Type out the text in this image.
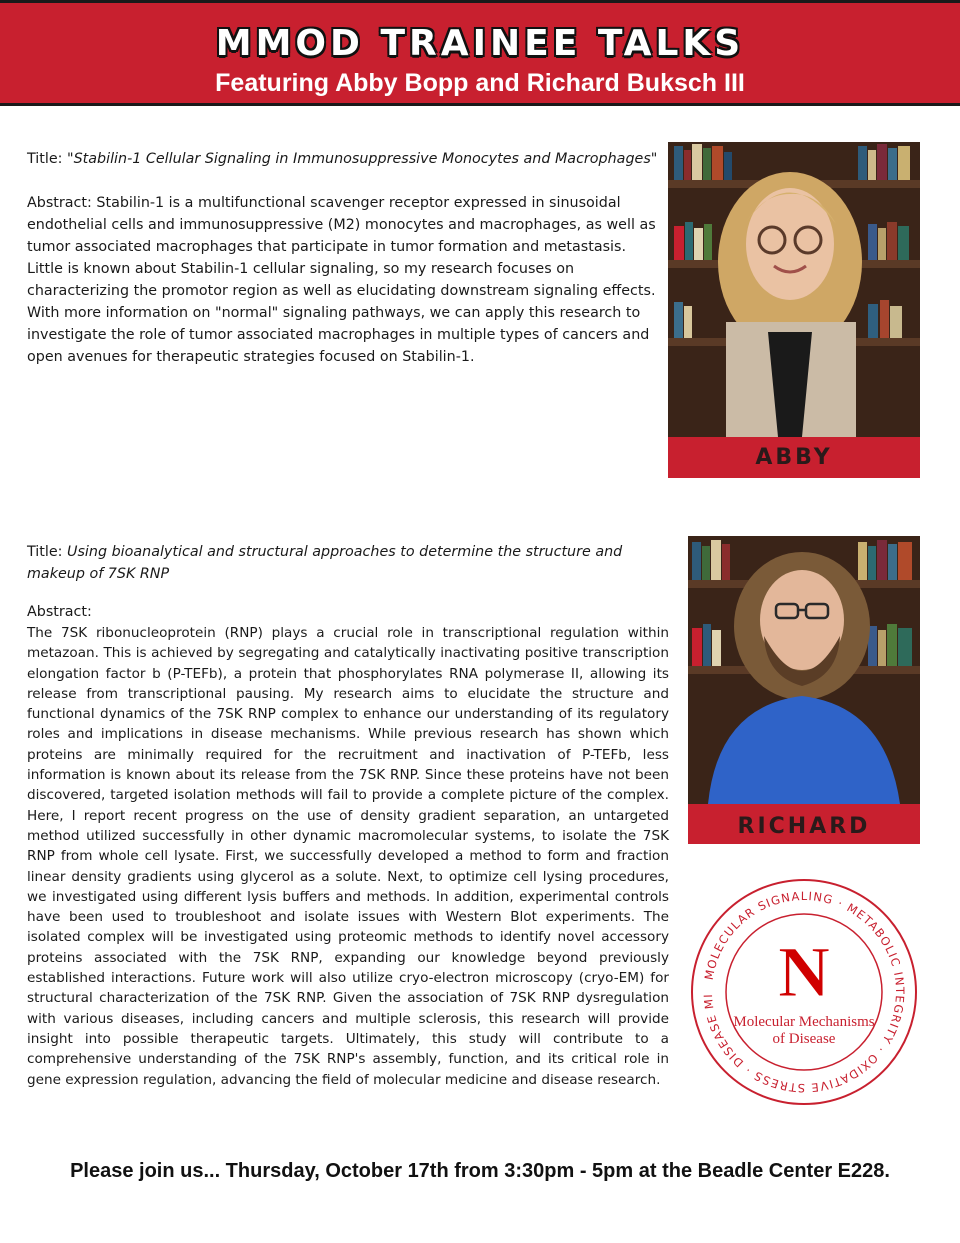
MMOD TRAINEE TALKS
Featuring Abby Bopp and Richard Buksch III

Title: "Stabilin-1 Cellular Signaling in Immunosuppressive Monocytes and Macrophages"

Abstract: Stabilin-1 is a multifunctional scavenger receptor expressed in sinusoidal endothelial cells and immunosuppressive (M2) monocytes and macrophages, as well as tumor associated macrophages that participate in tumor formation and metastasis. Little is known about Stabilin-1 cellular signaling, so my research focuses on characterizing the promotor region as well as elucidating downstream signaling effects. With more information on "normal" signaling pathways, we can apply this research to investigate the role of tumor associated macrophages in multiple types of cancers and open avenues for therapeutic strategies focused on Stabilin-1.

ABBY

Title: Using bioanalytical and structural approaches to determine the structure and makeup of 7SK RNP

Abstract:

The 7SK ribonucleoprotein (RNP) plays a crucial role in transcriptional regulation within metazoan. This is achieved by segregating and catalytically inactivating positive transcription elongation factor b (P-TEFb), a protein that phosphorylates RNA polymerase II, allowing its release from transcriptional pausing. My research aims to elucidate the structure and functional dynamics of the 7SK RNP complex to enhance our understanding of its regulatory roles and implications in disease mechanisms. While previous research has shown which proteins are minimally required for the recruitment and inactivation of P-TEFb, less information is known about its release from the 7SK RNP. Since these proteins have not been discovered, targeted isolation methods will fail to provide a complete picture of the complex. Here, I report recent progress on the use of density gradient separation, an untargeted method utilized successfully in other dynamic macromolecular systems, to isolate the 7SK RNP from whole cell lysate. First, we successfully developed a method to form and fraction linear density gradients using glycerol as a solute. Next, to optimize cell lysing procedures, we investigated using different lysis buffers and methods. In addition, experimental controls have been used to troubleshoot and isolate issues with Western Blot experiments. The isolated complex will be investigated using proteomic methods to identify novel accessory proteins associated with the 7SK RNP, expanding our knowledge beyond previously established interactions. Future work will also utilize cryo-electron microscopy (cryo-EM) for structural characterization of the 7SK RNP. Given the association of 7SK RNP dysregulation with various diseases, including cancers and multiple sclerosis, this research will provide insight into possible therapeutic targets. Ultimately, this study will contribute to a comprehensive understanding of the 7SK RNP's assembly, function, and its critical role in gene expression regulation, advancing the field of molecular medicine and disease research.

RICHARD
MOLECULAR SIGNALING · METABOLIC INTEGRITY · OXIDATIVE STRESS · DISEASE MI N
Molecular Mechanisms
of Disease
Please join us... Thursday, October 17th from 3:30pm - 5pm at the Beadle Center E228.
